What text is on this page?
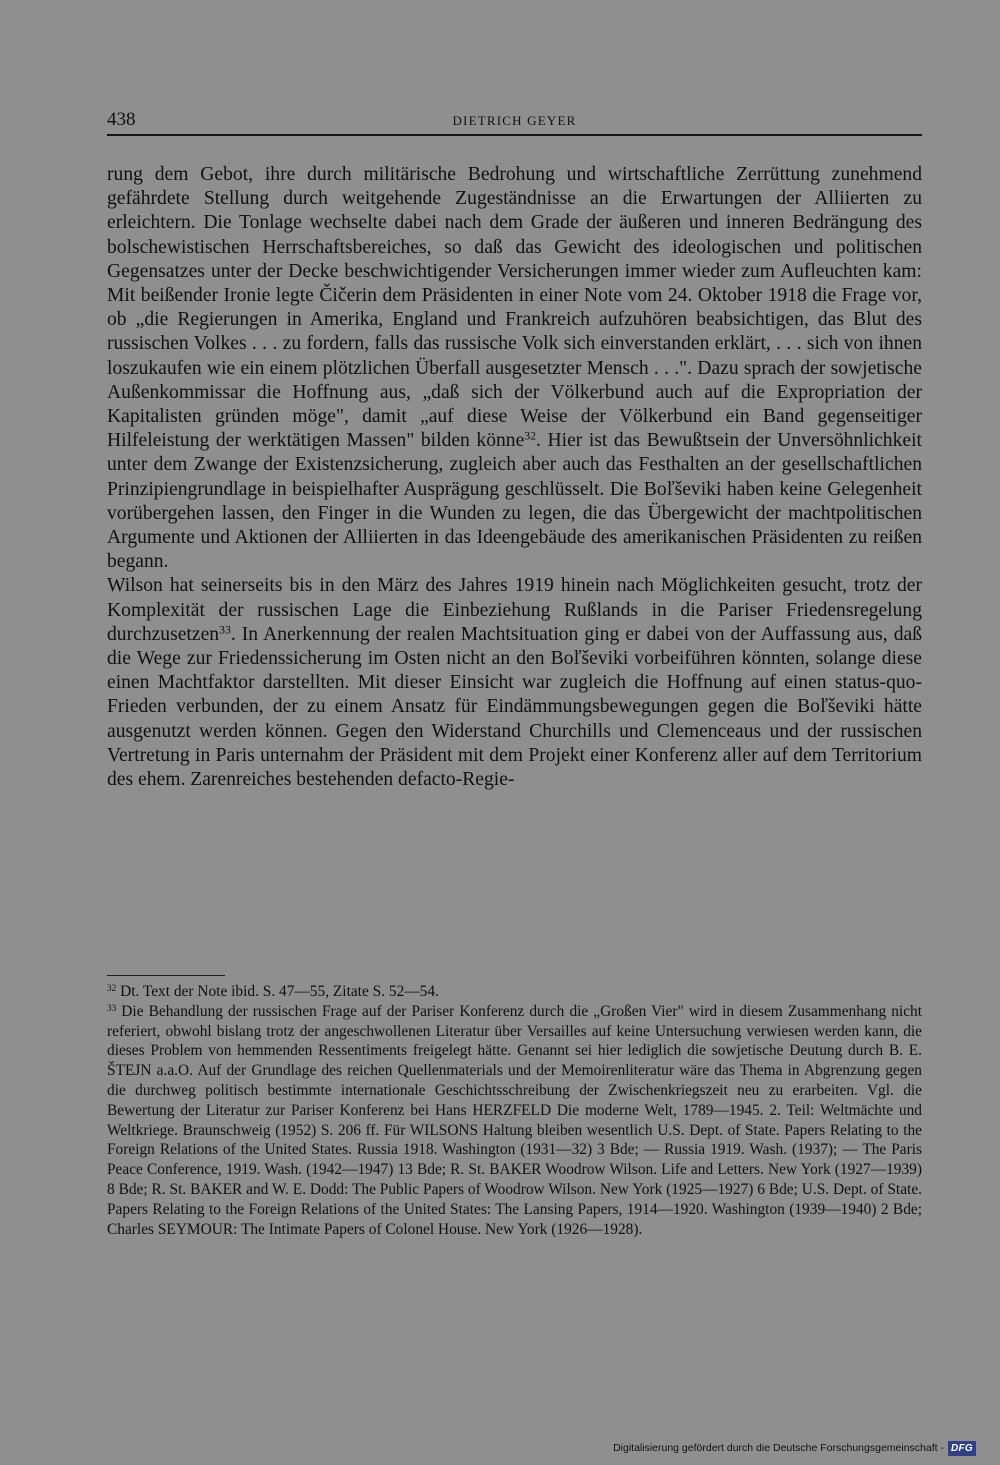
438	DIETRICH GEYER

rung dem Gebot, ihre durch militärische Bedrohung und wirtschaftliche Zerrüttung zunehmend gefährdete Stellung durch weitgehende Zugeständnisse an die Erwartungen der Alliierten zu erleichtern. Die Tonlage wechselte dabei nach dem Grade der äußeren und inneren Bedrängung des bolschewistischen Herrschaftsbereiches, so daß das Gewicht des ideologischen und politischen Gegensatzes unter der Decke beschwichtigender Versicherungen immer wieder zum Aufleuchten kam: Mit beißender Ironie legte Čičerin dem Präsidenten in einer Note vom 24. Oktober 1918 die Frage vor, ob „die Regierungen in Amerika, England und Frankreich aufzuhören beabsichtigen, das Blut des russischen Volkes . . . zu fordern, falls das russische Volk sich einverstanden erklärt, . . . sich von ihnen loszukaufen wie ein einem plötzlichen Überfall ausgesetzter Mensch . . .". Dazu sprach der sowjetische Außenkommissar die Hoffnung aus, „daß sich der Völkerbund auch auf die Expropriation der Kapitalisten gründen möge", damit „auf diese Weise der Völkerbund ein Band gegenseitiger Hilfeleistung der werktätigen Massen" bilden könne$^{32}$. Hier ist das Bewußtsein der Unversöhnlichkeit unter dem Zwange der Existenzsicherung, zugleich aber auch das Festhalten an der gesellschaftlichen Prinzipiengrundlage in beispielhafter Ausprägung geschlüsselt. Die Boľševiki haben keine Gelegenheit vorübergehen lassen, den Finger in die Wunden zu legen, die das Übergewicht der machtpolitischen Argumente und Aktionen der Alliierten in das Ideengebäude des amerikanischen Präsidenten zu reißen begann.

Wilson hat seinerseits bis in den März des Jahres 1919 hinein nach Möglichkeiten gesucht, trotz der Komplexität der russischen Lage die Einbeziehung Rußlands in die Pariser Friedensregelung durchzusetzen$^{33}$. In Anerkennung der realen Machtsituation ging er dabei von der Auffassung aus, daß die Wege zur Friedenssicherung im Osten nicht an den Boľševiki vorbeiführen könnten, solange diese einen Machtfaktor darstellten. Mit dieser Einsicht war zugleich die Hoffnung auf einen status-quo-Frieden verbunden, der zu einem Ansatz für Eindämmungsbewegungen gegen die Boľševiki hätte ausgenutzt werden können. Gegen den Widerstand Churchills und Clemenceaus und der russischen Vertretung in Paris unternahm der Präsident mit dem Projekt einer Konferenz aller auf dem Territorium des ehem. Zarenreiches bestehenden defacto-Regie-

$^{32}$ Dt. Text der Note ibid. S. 47—55, Zitate S. 52—54.

$^{33}$ Die Behandlung der russischen Frage auf der Pariser Konferenz durch die „Großen Vier" wird in diesem Zusammenhang nicht referiert, obwohl bislang trotz der angeschwollenen Literatur über Versailles auf keine Untersuchung verwiesen werden kann, die dieses Problem von hemmenden Ressentiments freigelegt hätte. Genannt sei hier lediglich die sowjetische Deutung durch B. E. ŠTEJN a.a.O. Auf der Grundlage des reichen Quellenmaterials und der Memoirenliteratur wäre das Thema in Abgrenzung gegen die durchweg politisch bestimmte internationale Geschichtsschreibung der Zwischenkriegszeit neu zu erarbeiten. Vgl. die Bewertung der Literatur zur Pariser Konferenz bei Hans HERZFELD Die moderne Welt, 1789—1945. 2. Teil: Weltmächte und Weltkriege. Braunschweig (1952) S. 206 ff. Für WILSONS Haltung bleiben wesentlich U.S. Dept. of State. Papers Relating to the Foreign Relations of the United States. Russia 1918. Washington (1931—32) 3 Bde; — Russia 1919. Wash. (1937); — The Paris Peace Conference, 1919. Wash. (1942—1947) 13 Bde; R. St. BAKER Woodrow Wilson. Life and Letters. New York (1927—1939) 8 Bde; R. St. BAKER and W. E. Dodd: The Public Papers of Woodrow Wilson. New York (1925—1927) 6 Bde; U.S. Dept. of State. Papers Relating to the Foreign Relations of the United States: The Lansing Papers, 1914—1920. Washington (1939—1940) 2 Bde; Charles SEYMOUR: The Intimate Papers of Colonel House. New York (1926—1928).

Digitalisierung gefördert durch die Deutsche Forschungsgemeinschaft - DFG
